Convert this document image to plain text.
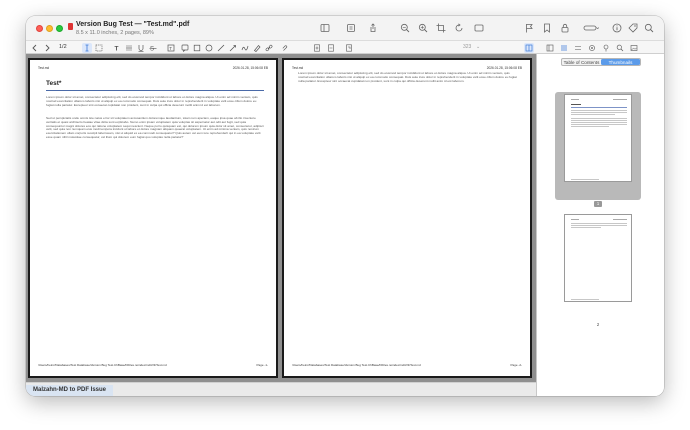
Version Bug Test — "Test.md".pdf
8.5 x 11.0 inches, 2 pages, 89%
1/2	T	S	T	323 ⌄
Test.md	2026.01.28, 15:06:08 EB
Test*
Lorem ipsum dolor sit amet, consectetur adipiscing elit, sed do eiusmod tempor incididunt ut labore et dolore magna aliqua. Ut enim ad minim veniam, quis nostrud exercitation ullamco laboris nisi ut aliquip ex ea commodo consequat. Duis aute irure dolor in reprehenderit in voluptate velit esse cillum dolore eu fugiat nulla pariatur. Excepteur sint occaecat cupidatat non proident, sunt in culpa qui officia deserunt mollit anim id est laborum.
Sed ut perspiciatis unde omnis iste natus error sit voluptatem accusantium doloremque laudantium, totam rem aperiam, eaque ipsa quae ab illo inventore veritatis et quasi architecto beatae vitae dicta sunt explicabo. Nemo enim ipsam voluptatem quia voluptas sit aspernatur aut odit aut fugit, sed quia consequuntur magni dolores eos qui ratione voluptatem sequi nesciunt. Neque porro quisquam est, qui dolorem ipsum quia dolor sit amet, consectetur, adipisci velit, sed quia non numquam eius modi tempora incidunt ut labore et dolore magnam aliquam quaerat voluptatem. Ut enim ad minima veniam, quis nostrum exercitationem ullam corporis suscipit laboriosam, nisi ut aliquid ex ea commodi consequatur? Quis autem vel eum iure reprehenderit qui in ea voluptate velit esse quam nihil molestiae consequatur, vel illum qui dolorem eum fugiat quo voluptas nulla pariatur?
/Users/heinz/Databases/Test Database/Version Bug Test.ChBase/DFiles.noindex/md/2/3/Test.md	Page -1-
Test.md	2026.01.28, 15:06:08 EB
Lorem ipsum dolor sit amet, consectetur adipiscing elit, sed do eiusmod tempor incididunt ut labore et dolore magna aliqua. Ut enim ad minim veniam, quis nostrud exercitation ullamco laboris nisi ut aliquip ex ea commodo consequat. Duis aute irure dolor in reprehenderit in voluptate velit esse cillum dolore eu fugiat nulla pariatur. Excepteur sint occaecat cupidatat non proident, sunt in culpa qui officia deserunt mollit anim id est laborum.
/Users/heinz/Databases/Test Database/Version Bug Test.ChBase/DFiles.noindex/md/2/3/Test.md	Page -2-
Malzahn-MD to PDF Issue
Table of Contents	Thumbnails
1
2
